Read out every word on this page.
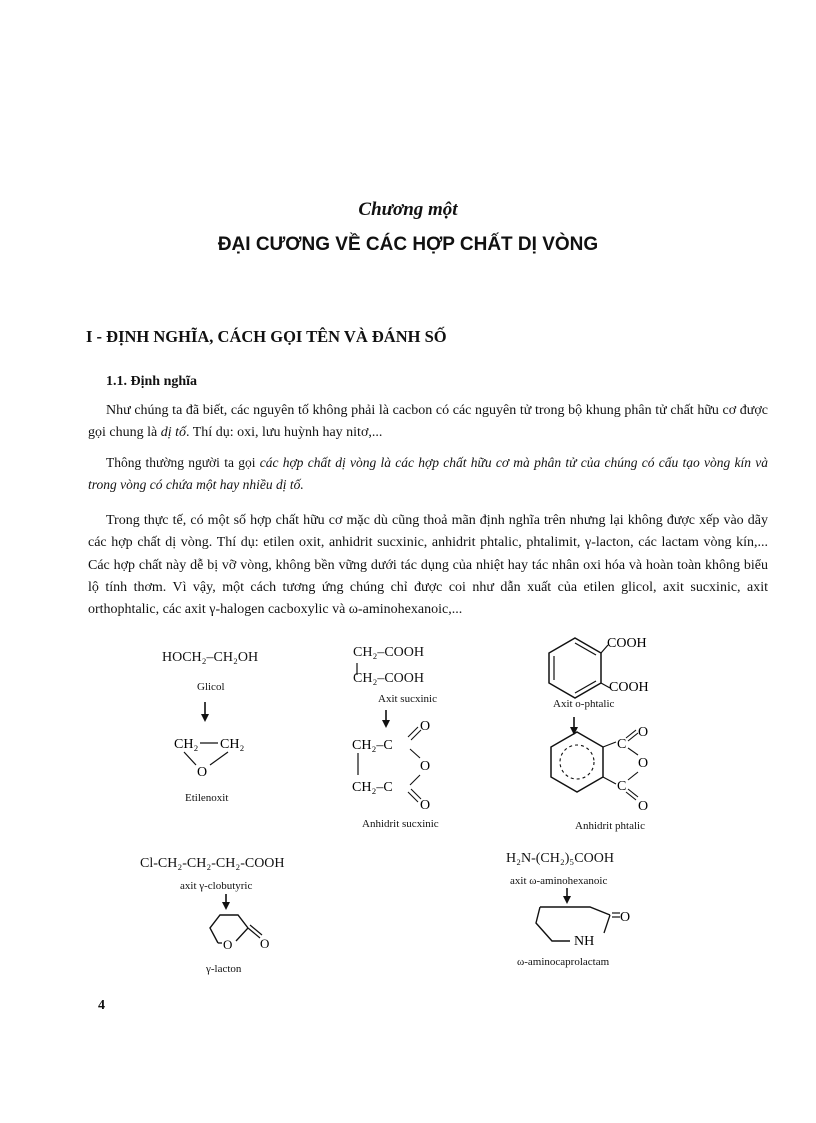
Chương một
ĐẠI CƯƠNG VỀ CÁC HỢP CHẤT DỊ VÒNG
I - ĐỊNH NGHĨA, CÁCH GỌI TÊN VÀ ĐÁNH SỐ
1.1. Định nghĩa

Như chúng ta đã biết, các nguyên tố không phải là cacbon có các nguyên tử trong bộ khung phân tử chất hữu cơ được gọi chung là dị tố. Thí dụ: oxi, lưu huỳnh hay nitơ,...

Thông thường người ta gọi các hợp chất dị vòng là các hợp chất hữu cơ mà phân tử của chúng có cấu tạo vòng kín và trong vòng có chứa một hay nhiều dị tố.

Trong thực tế, có một số hợp chất hữu cơ mặc dù cũng thoả mãn định nghĩa trên nhưng lại không được xếp vào dãy các hợp chất dị vòng. Thí dụ: etilen oxit, anhidrit sucxinic, anhidrit phtalic, phtalimit, γ-lacton, các lactam vòng kín,... Các hợp chất này dễ bị vỡ vòng, không bền vững dưới tác dụng của nhiệt hay tác nhân oxi hóa và hoàn toàn không biểu lộ tính thơm. Vì vậy, một cách tương ứng chúng chỉ được coi như dẫn xuất của etilen glicol, axit sucxinic, axit orthophtalic, các axit γ-halogen cacboxylic và ω-aminohexanoic,...

HOCH₂–CH₂OH
Glicol
CH₂ CH₂
O
Etilenoxit
CH₂–COOH
CH₂–COOH
Axit sucxinic
CH₂–C
O
O
CH₂–C
O
Anhidrit sucxinic
COOH
COOH
Axit o-phtalic
C
O
O
C
O
Anhidrit phtalic
Cl-CH₂-CH₂-CH₂-COOH
axit γ-clobutyric
O O
γ-lacton
H₂N-(CH₂)₅COOH
axit ω-aminohexanoic
O
NH
ω-aminocaprolactam
4
